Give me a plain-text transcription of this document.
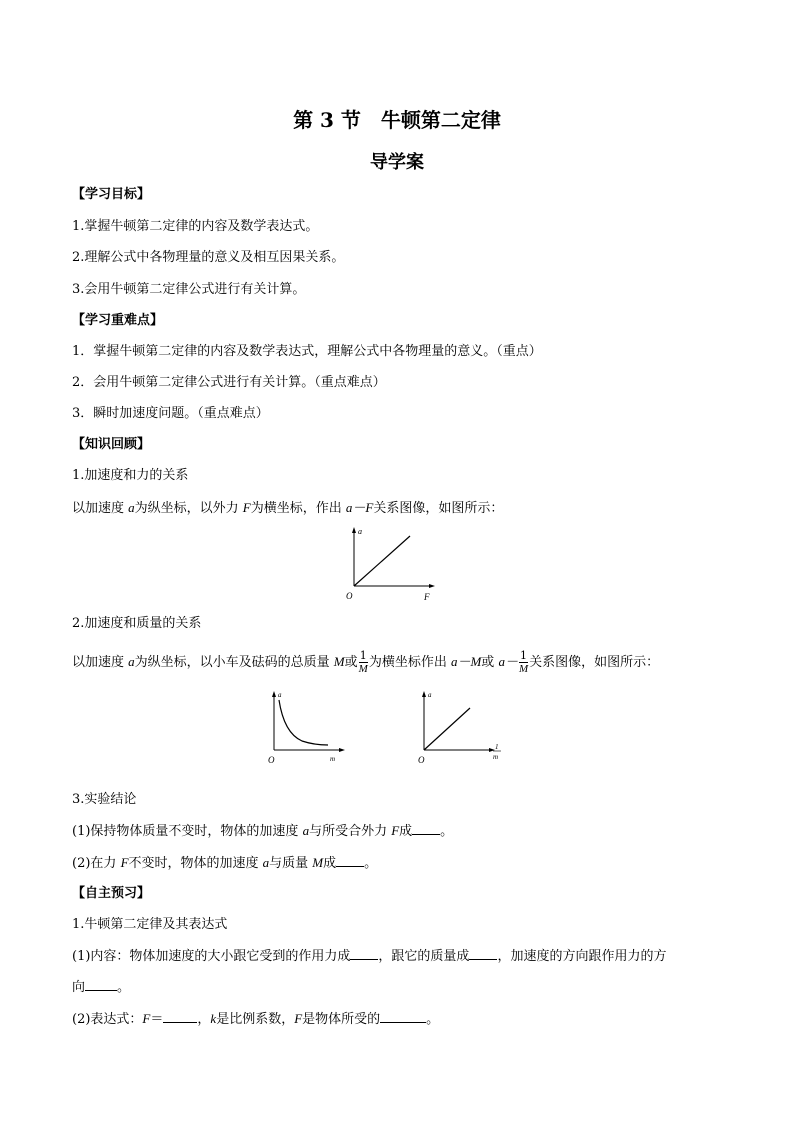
第 3 节　牛顿第二定律
导学案
【学习目标】
1.掌握牛顿第二定律的内容及数学表达式。
2.理解公式中各物理量的意义及相互因果关系。
3.会用牛顿第二定律公式进行有关计算。
【学习重难点】
1．掌握牛顿第二定律的内容及数学表达式，理解公式中各物理量的意义。（重点）
2．会用牛顿第二定律公式进行有关计算。（重点难点）
3．瞬时加速度问题。（重点难点）
【知识回顾】
1.加速度和力的关系
以加速度 a为纵坐标，以外力 F为横坐标，作出 a－F关系图像，如图所示：
a
O	F
2.加速度和质量的关系
以加速度 a为纵坐标，以小车及砝码的总质量 M或 $\frac{1}{M}$ 为横坐标作出 a－M或 $a- \frac{1}{M}$ 关系图像，如图所示：
a
O	m
a
O
1
m
3.实验结论
(1)保持物体质量不变时，物体的加速度 a与所受合外力 F成 。
(2)在力 F不变时，物体的加速度 a与质量 M成 。
【自主预习】
1.牛顿第二定律及其表达式
(1)内容：物体加速度的大小跟它受到的作用力成 ，跟它的质量成 ，加速度的方向跟作用力的方
向 。
(2)表达式：F＝	，k是比例系数，F是物体所受的	。
